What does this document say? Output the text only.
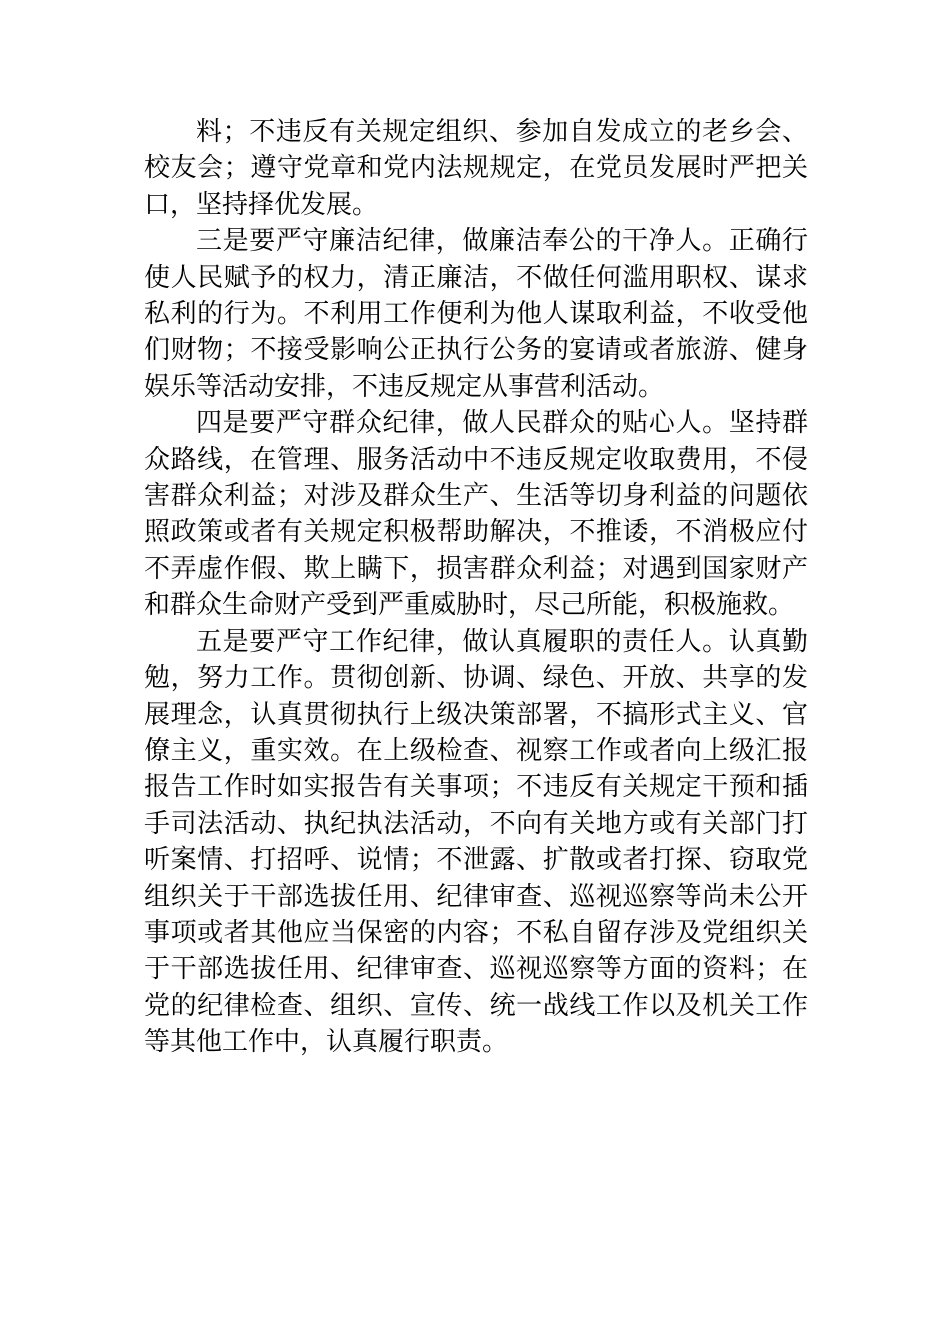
料；不违反有关规定组织、参加自发成立的老乡会、校友会；遵守党章和党内法规规定，在党员发展时严把关口，坚持择优发展。

三是要严守廉洁纪律，做廉洁奉公的干净人。正确行使人民赋予的权力，清正廉洁，不做任何滥用职权、谋求私利的行为。不利用工作便利为他人谋取利益，不收受他们财物；不接受影响公正执行公务的宴请或者旅游、健身娱乐等活动安排，不违反规定从事营利活动。

四是要严守群众纪律，做人民群众的贴心人。坚持群众路线，在管理、服务活动中不违反规定收取费用，不侵害群众利益；对涉及群众生产、生活等切身利益的问题依照政策或者有关规定积极帮助解决，不推诿，不消极应付不弄虚作假、欺上瞒下，损害群众利益；对遇到国家财产和群众生命财产受到严重威胁时，尽己所能，积极施救。

五是要严守工作纪律，做认真履职的责任人。认真勤勉，努力工作。贯彻创新、协调、绿色、开放、共享的发展理念，认真贯彻执行上级决策部署，不搞形式主义、官僚主义，重实效。在上级检查、视察工作或者向上级汇报报告工作时如实报告有关事项；不违反有关规定干预和插手司法活动、执纪执法活动，不向有关地方或有关部门打听案情、打招呼、说情；不泄露、扩散或者打探、窃取党组织关于干部选拔任用、纪律审查、巡视巡察等尚未公开事项或者其他应当保密的内容；不私自留存涉及党组织关于干部选拔任用、纪律审查、巡视巡察等方面的资料；在党的纪律检查、组织、宣传、统一战线工作以及机关工作等其他工作中，认真履行职责。
